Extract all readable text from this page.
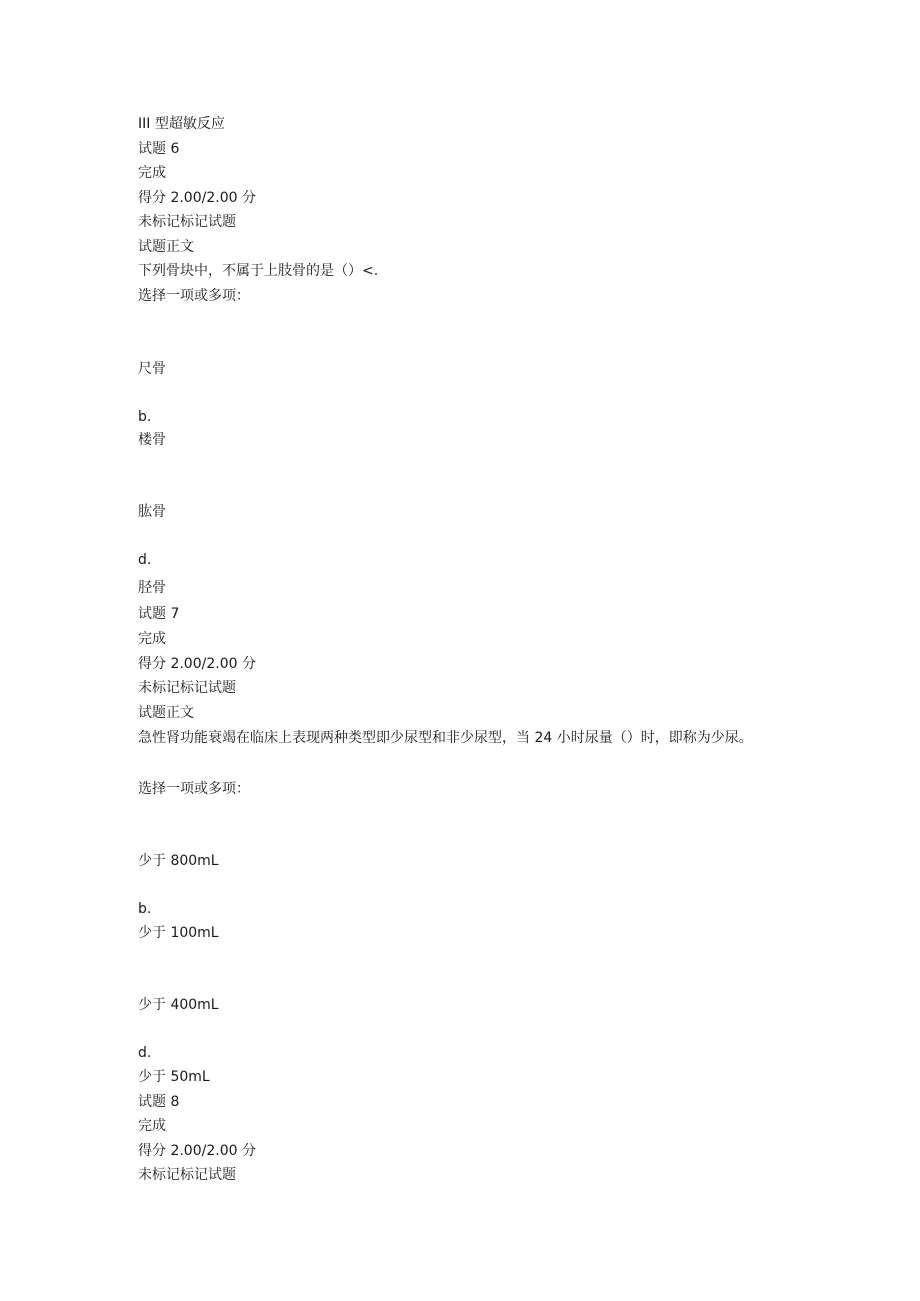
III 型超敏反应
试题 6
完成
得分 2.00/2.00 分
未标记标记试题
试题正文
下列骨块中，不属于上肢骨的是（）<.
选择一项或多项：
尺骨
b.
楼骨
肱骨
d.
胫骨
试题 7
完成
得分 2.00/2.00 分
未标记标记试题
试题正文
急性肾功能衰竭在临床上表现两种类型即少尿型和非少尿型，当 24 小时尿量（）时，即称为少尿。
选择一项或多项：
少于 800mL
b.
少于 100mL
少于 400mL
d.
少于 50mL
试题 8
完成
得分 2.00/2.00 分
未标记标记试题
